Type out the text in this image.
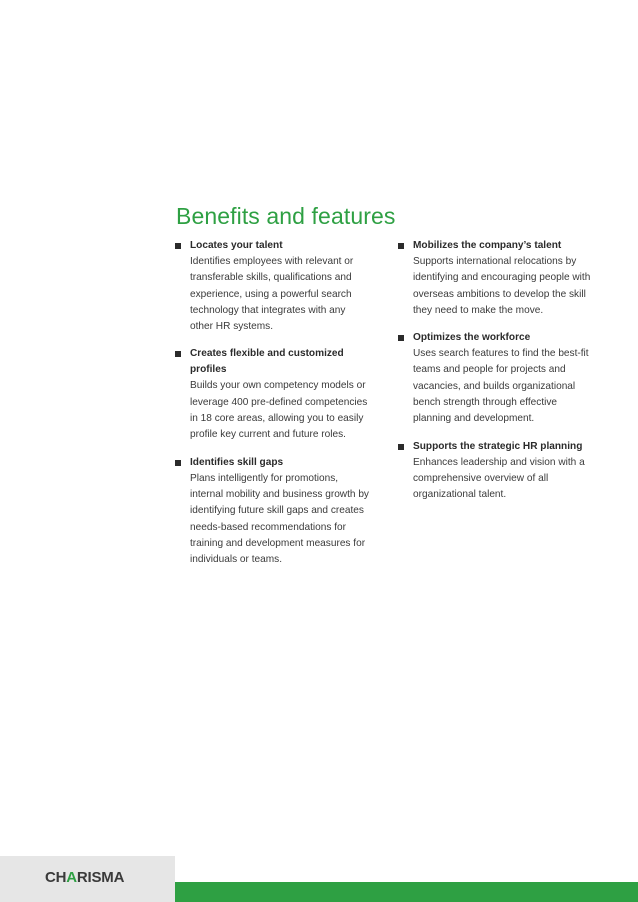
Benefits and features
Locates your talent
Identifies employees with relevant or
transferable skills, qualifications and
experience, using a powerful search
technology that integrates with any
other HR systems.
Creates flexible and customized profiles
Builds your own competency models or
leverage 400 pre-defined competencies
in 18 core areas, allowing you to easily
profile key current and future roles.
Identifies skill gaps
Plans intelligently for promotions,
internal mobility and business growth by
identifying future skill gaps and creates
needs-based recommendations for
training and development measures for
individuals or teams.
Mobilizes the company’s talent
Supports international relocations by
identifying and encouraging people with
overseas ambitions to develop the skill
they need to make the move.
Optimizes the workforce
Uses search features to find the best-fit
teams and people for projects and
vacancies, and builds organizational
bench strength through effective
planning and development.
Supports the strategic HR planning
Enhances leadership and vision with a
comprehensive overview of all
organizational talent.
CHARISMA
